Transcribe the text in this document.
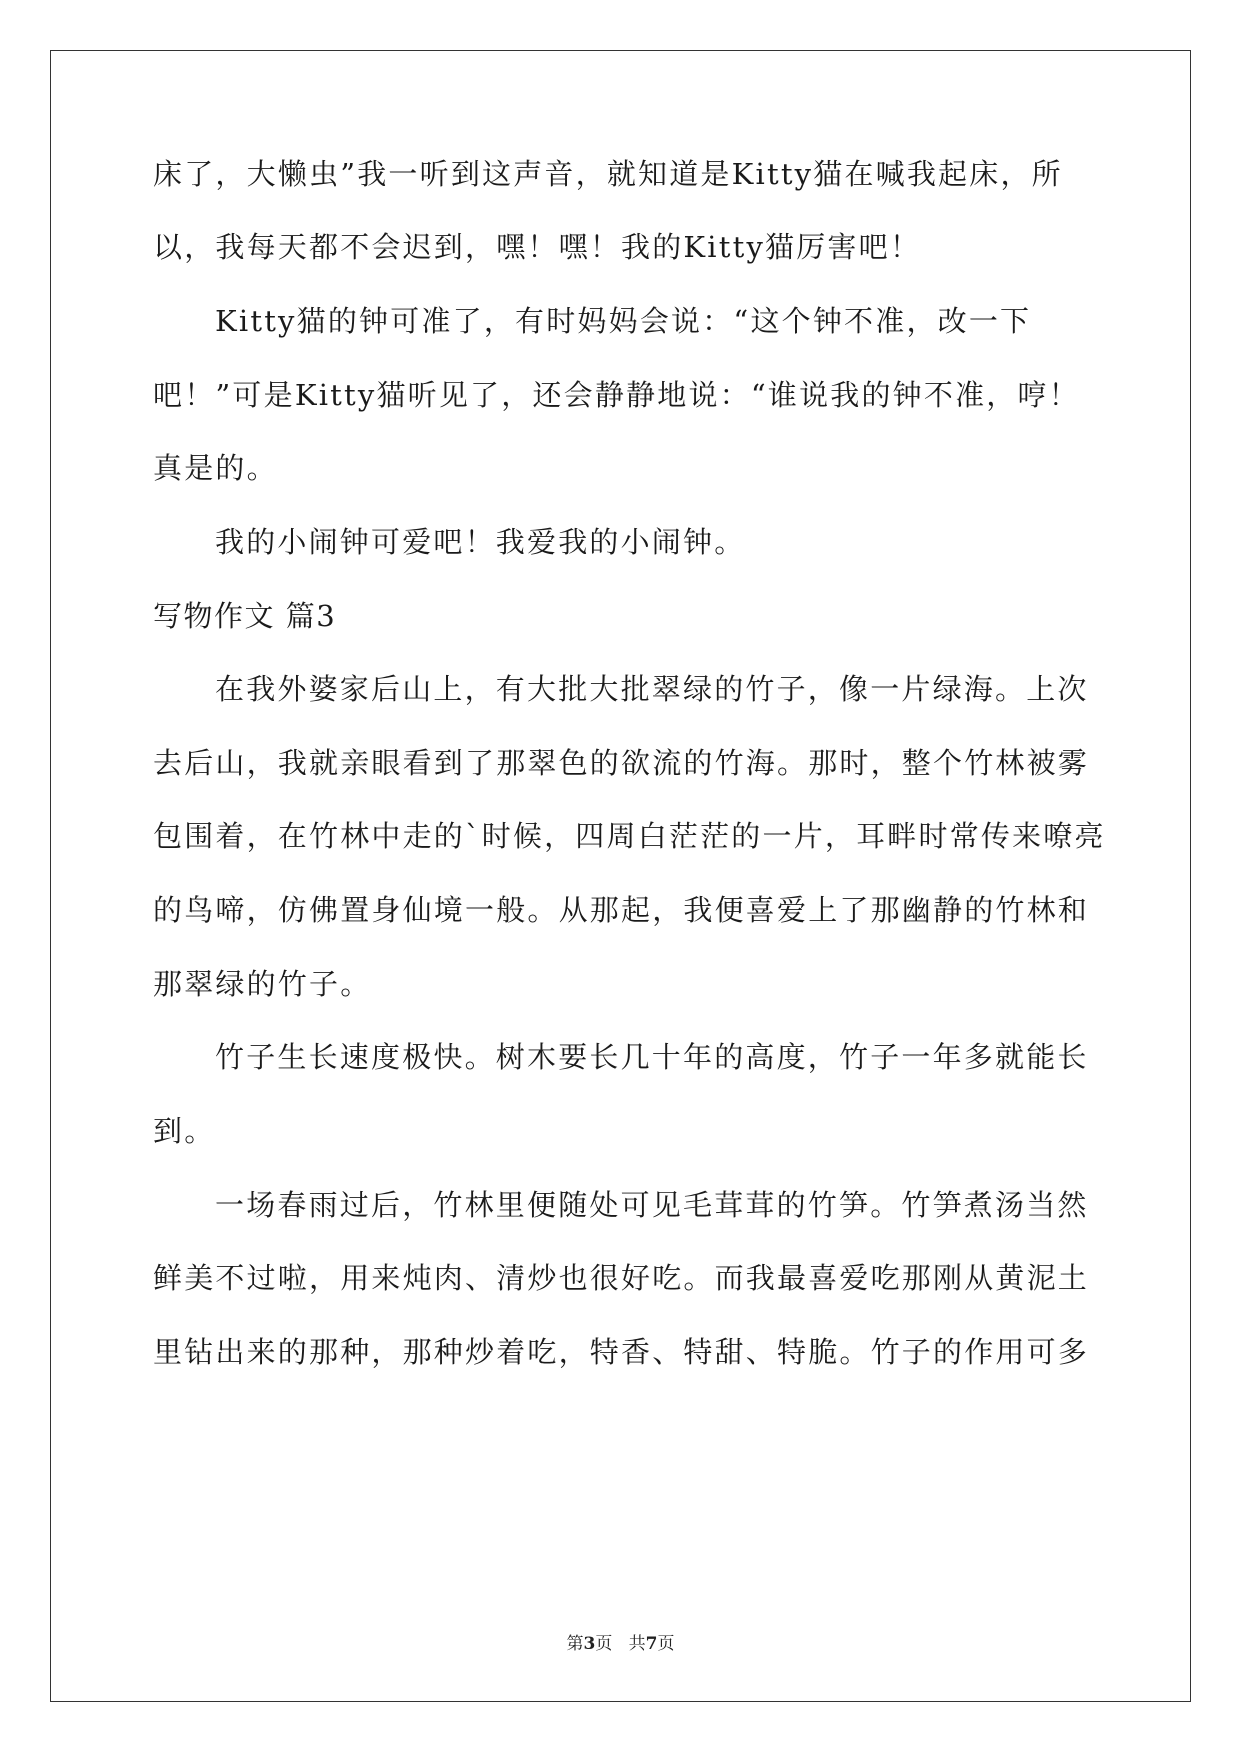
床了，大懒虫”我一听到这声音，就知道是Kitty猫在喊我起床，所
以，我每天都不会迟到，嘿！嘿！我的Kitty猫厉害吧！
Kitty猫的钟可准了，有时妈妈会说：“这个钟不准，改一下
吧！”可是Kitty猫听见了，还会静静地说：“谁说我的钟不准，哼！
真是的。
我的小闹钟可爱吧！我爱我的小闹钟。
写物作文 篇3
在我外婆家后山上，有大批大批翠绿的竹子，像一片绿海。上次
去后山，我就亲眼看到了那翠色的欲流的竹海。那时，整个竹林被雾
包围着，在竹林中走的`时候，四周白茫茫的一片，耳畔时常传来嘹亮
的鸟啼，仿佛置身仙境一般。从那起，我便喜爱上了那幽静的竹林和
那翠绿的竹子。
竹子生长速度极快。树木要长几十年的高度，竹子一年多就能长
到。
一场春雨过后，竹林里便随处可见毛茸茸的竹笋。竹笋煮汤当然
鲜美不过啦，用来炖肉、清炒也很好吃。而我最喜爱吃那刚从黄泥土
里钻出来的那种，那种炒着吃，特香、特甜、特脆。竹子的作用可多
第3页 共7页
